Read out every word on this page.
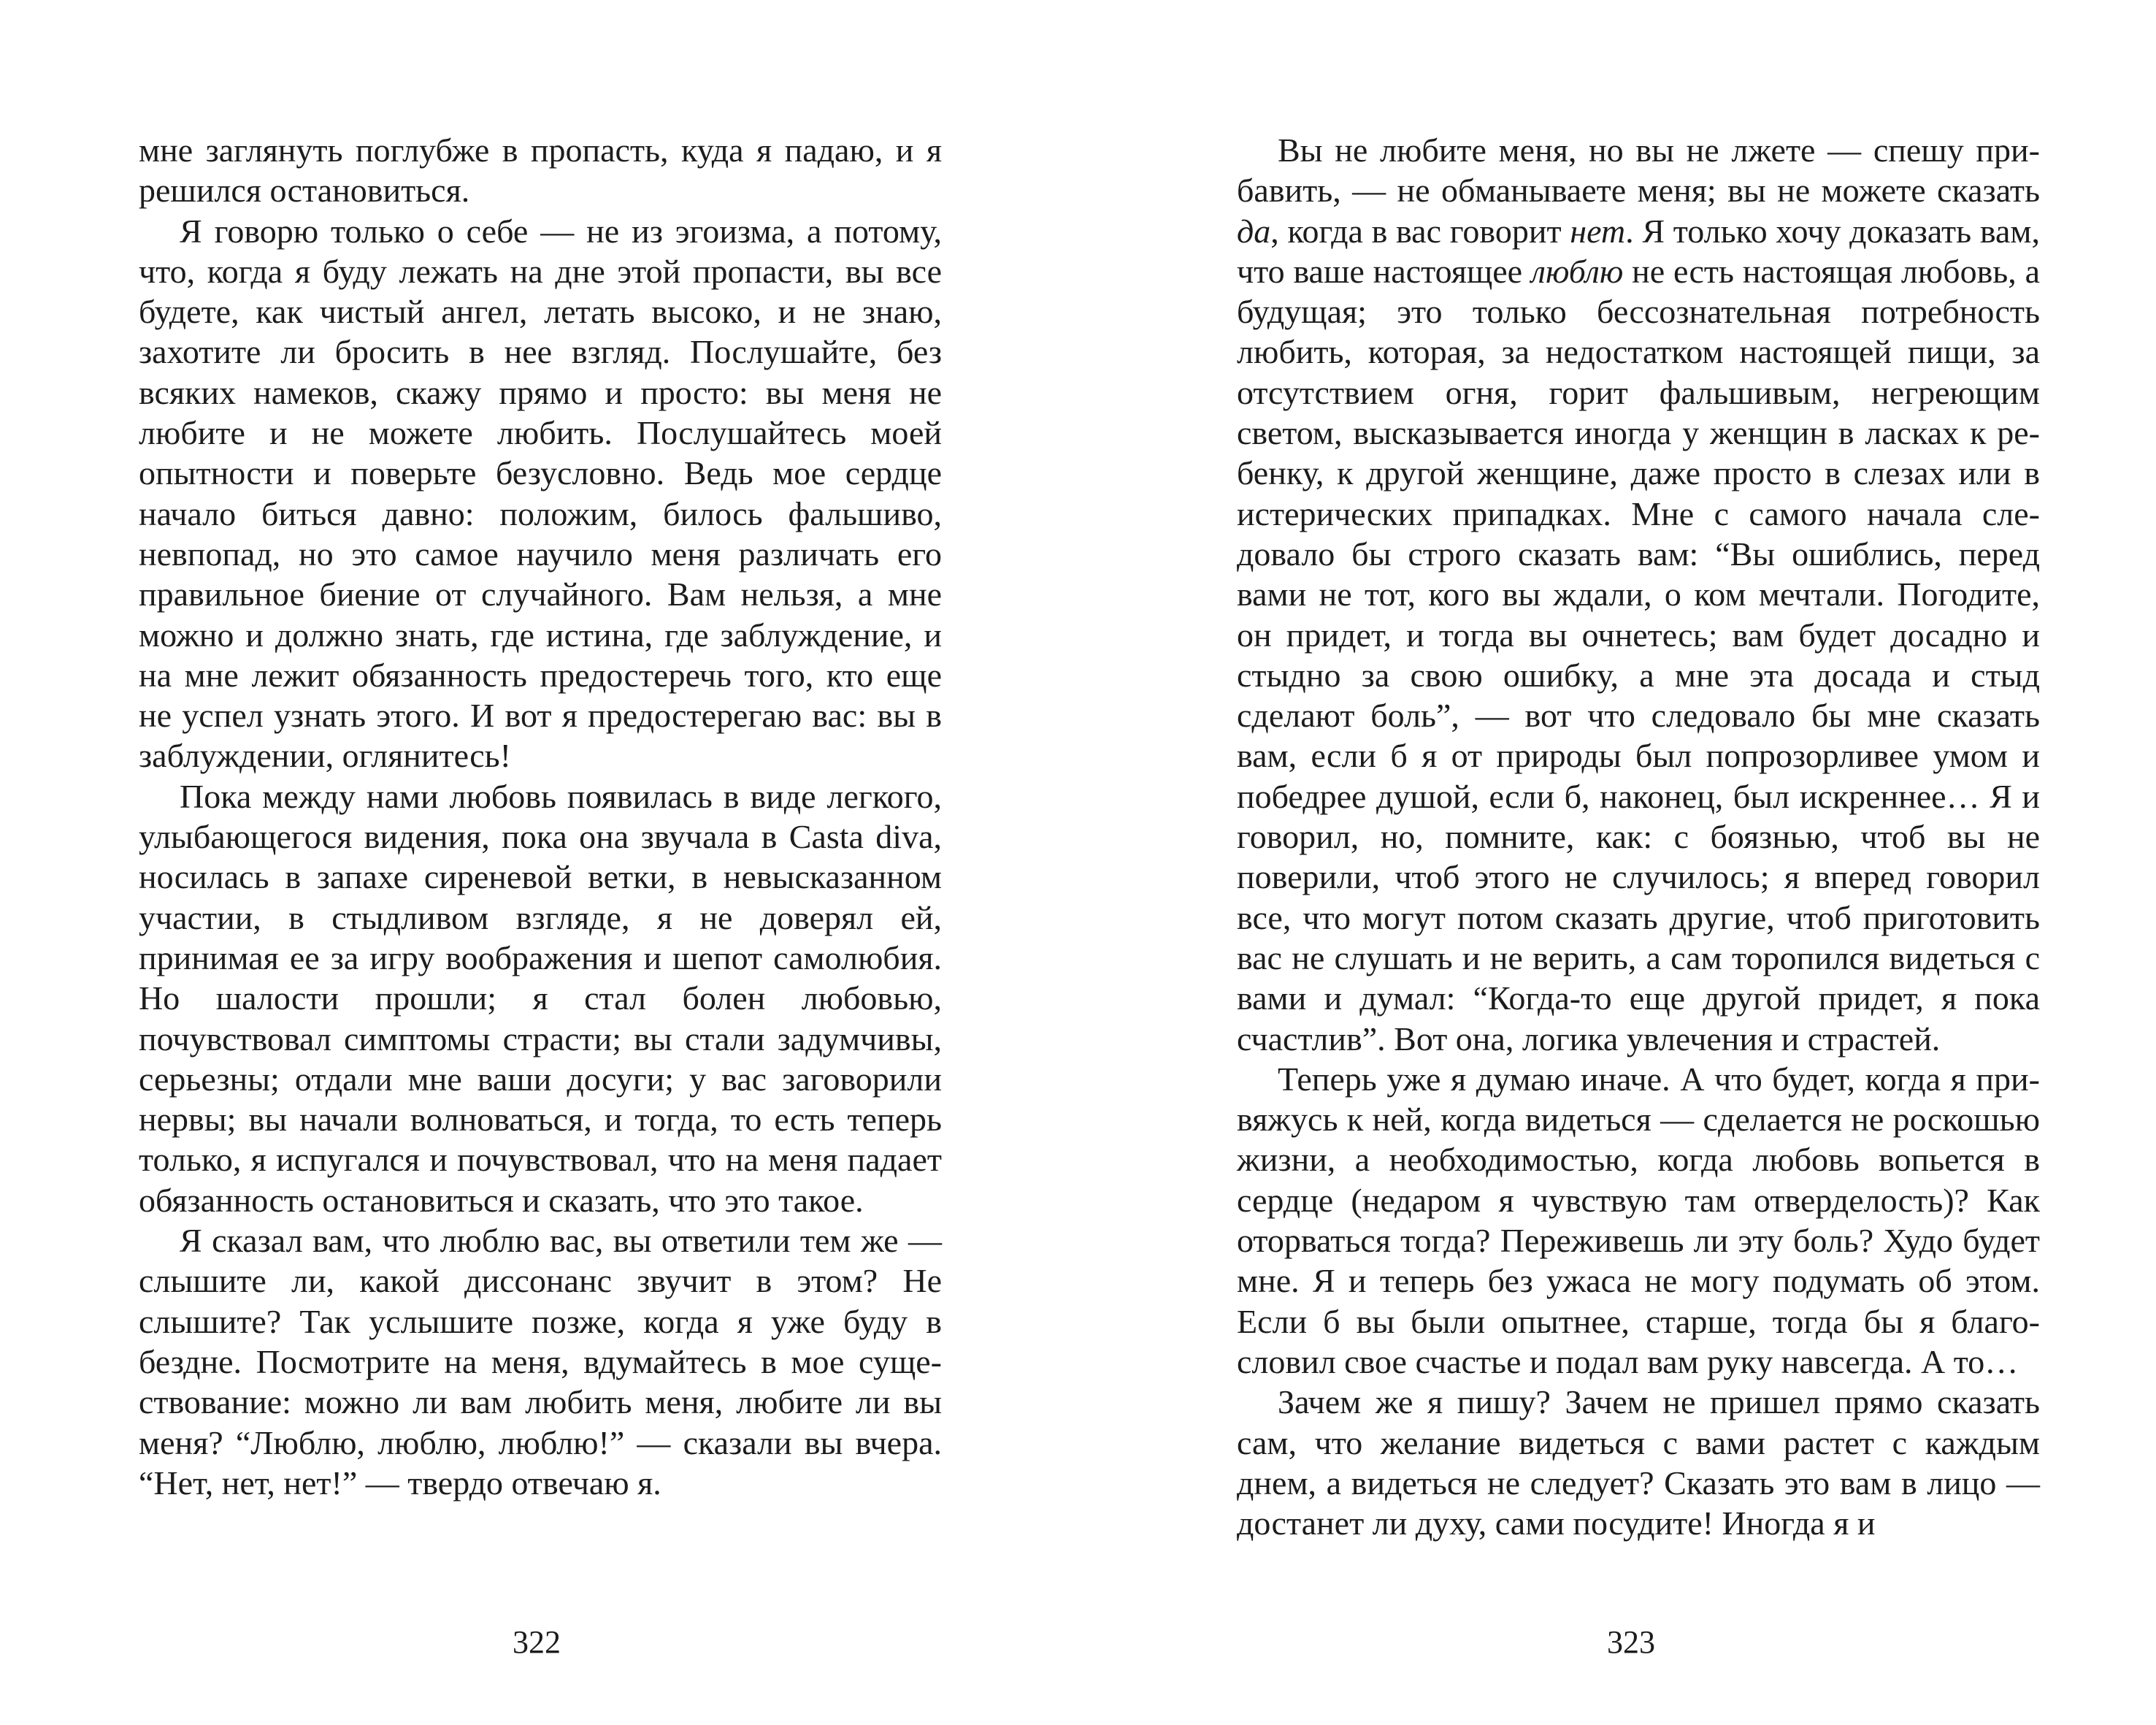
мне заглянуть поглубже в пропасть, куда я падаю, и я решился остановиться.

Я говорю только о себе — не из эгоизма, а потому, что, когда я буду лежать на дне этой пропасти, вы все будете, как чистый ангел, летать высоко, и не знаю, захотите ли бросить в нее взгляд. Послушайте, без всяких намеков, скажу прямо и просто: вы меня не любите и не можете любить. Послушайтесь моей опытности и поверьте безусловно. Ведь мое сердце начало биться давно: положим, билось фальшиво, невпопад, но это самое научило меня различать его правильное биение от случайного. Вам нельзя, а мне можно и должно знать, где истина, где заблуждение, и на мне лежит обязанность предостеречь того, кто еще не успел узнать этого. И вот я предостерегаю вас: вы в заблуждении, оглянитесь!

Пока между нами любовь появилась в виде легкого, улыбающегося видения, пока она звучала в Casta diva, носилась в запахе сиреневой ветки, в невысказанном участии, в стыдливом взгляде, я не доверял ей, принимая ее за игру воображения и шепот самолюбия. Но шалости прошли; я стал болен любовью, почувствовал симптомы страсти; вы стали задумчивы, серьезны; отдали мне ваши досуги; у вас заговорили нервы; вы начали волноваться, и тогда, то есть теперь только, я испугался и почувствовал, что на меня падает обязанность остановиться и сказать, что это такое.

Я сказал вам, что люблю вас, вы ответили тем же — слышите ли, какой диссонанс звучит в этом? Не слышите? Так услышите позже, когда я уже буду в бездне. Посмотрите на меня, вдумайтесь в мое существование: можно ли вам любить меня, любите ли вы меня? “Люблю, люблю, люблю!” — сказали вы вчера. “Нет, нет, нет!” — твердо отвечаю я.

322

Вы не любите меня, но вы не лжете — спешу прибавить, — не обманываете меня; вы не можете сказать да, когда в вас говорит нет. Я только хочу доказать вам, что ваше настоящее люблю не есть настоящая любовь, а будущая; это только бессознательная потребность любить, которая, за недостатком настоящей пищи, за отсутствием огня, горит фальшивым, негреющим светом, высказывается иногда у женщин в ласках к ребенку, к другой женщине, даже просто в слезах или в истерических припадках. Мне с самого начала следовало бы строго сказать вам: “Вы ошиблись, перед вами не тот, кого вы ждали, о ком мечтали. Погодите, он придет, и тогда вы очнетесь; вам будет досадно и стыдно за свою ошибку, а мне эта досада и стыд сделают боль”, — вот что следовало бы мне сказать вам, если б я от природы был попрозорливее умом и победрее душой, если б, наконец, был искреннее… Я и говорил, но, помните, как: с боязнью, чтоб вы не поверили, чтоб этого не случилось; я вперед говорил все, что могут потом сказать другие, чтоб приготовить вас не слушать и не верить, а сам торопился видеться с вами и думал: “Когда-то еще другой придет, я пока счастлив”. Вот она, логика увлечения и страстей.

Теперь уже я думаю иначе. А что будет, когда я привяжусь к ней, когда видеться — сделается не роскошью жизни, а необходимостью, когда любовь вопьется в сердце (недаром я чувствую там отверделость)? Как оторваться тогда? Переживешь ли эту боль? Худо будет мне. Я и теперь без ужаса не могу подумать об этом. Если б вы были опытнее, старше, тогда бы я благословил свое счастье и подал вам руку навсегда. А то…

Зачем же я пишу? Зачем не пришел прямо сказать сам, что желание видеться с вами растет с каждым днем, а видеться не следует? Сказать это вам в лицо — достанет ли духу, сами посудите! Иногда я и

323
